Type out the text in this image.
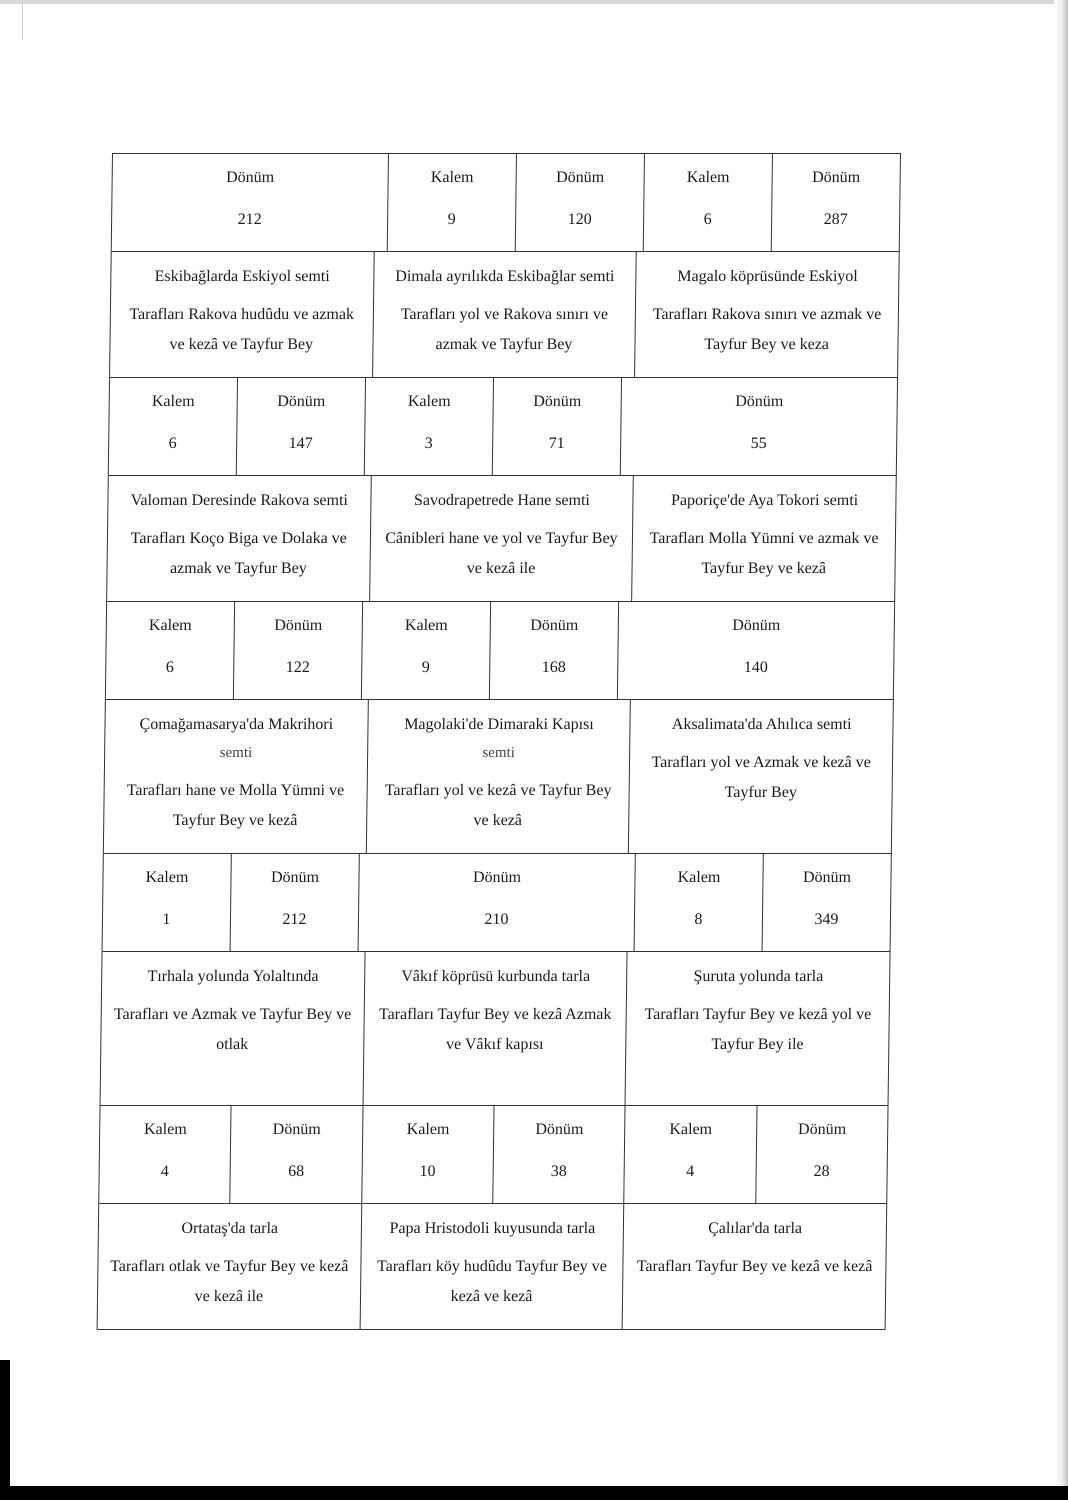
Dönüm
212
Kalem
9
Dönüm
120
Kalem
6
Dönüm
287
Eskibağlarda Eskiyol semti
Tarafları Rakova hudûdu ve azmak ve kezâ ve Tayfur Bey
Dimala ayrılıkda Eskibağlar semti
Tarafları yol ve Rakova sınırı ve azmak ve Tayfur Bey
Magalo köprüsünde Eskiyol
Tarafları Rakova sınırı ve azmak ve Tayfur Bey ve keza
Kalem
6
Dönüm
147
Kalem
3
Dönüm
71
Dönüm
55
Valoman Deresinde Rakova semti
Tarafları Koço Biga ve Dolaka ve azmak ve Tayfur Bey
Savodrapetrede Hane semti
Cânibleri hane ve yol ve Tayfur Bey ve kezâ ile
Paporiçe'de Aya Tokori semti
Tarafları Molla Yümni ve azmak ve Tayfur Bey ve kezâ
Kalem
6
Dönüm
122
Kalem
9
Dönüm
168
Dönüm
140
Çomağamasarya'da Makrihori
semti
Tarafları hane ve Molla Yümni ve Tayfur Bey ve kezâ
Magolaki'de Dimaraki Kapısı
semti
Tarafları yol ve kezâ ve Tayfur Bey ve kezâ
Aksalimata'da Ahılıca semti
Tarafları yol ve Azmak ve kezâ ve Tayfur Bey
Kalem
1
Dönüm
212
Dönüm
210
Kalem
8
Dönüm
349
Tırhala yolunda Yolaltında
Tarafları ve Azmak ve Tayfur Bey ve otlak
Vâkıf köprüsü kurbunda tarla
Tarafları Tayfur Bey ve kezâ Azmak ve Vâkıf kapısı
Şuruta yolunda tarla
Tarafları Tayfur Bey ve kezâ yol ve Tayfur Bey ile
Kalem
4
Dönüm
68
Kalem
10
Dönüm
38
Kalem
4
Dönüm
28
Ortataş'da tarla
Tarafları otlak ve Tayfur Bey ve kezâ ve kezâ ile
Papa Hristodoli kuyusunda tarla
Tarafları köy hudûdu Tayfur Bey ve kezâ ve kezâ
Çalılar'da tarla
Tarafları Tayfur Bey ve kezâ ve kezâ
